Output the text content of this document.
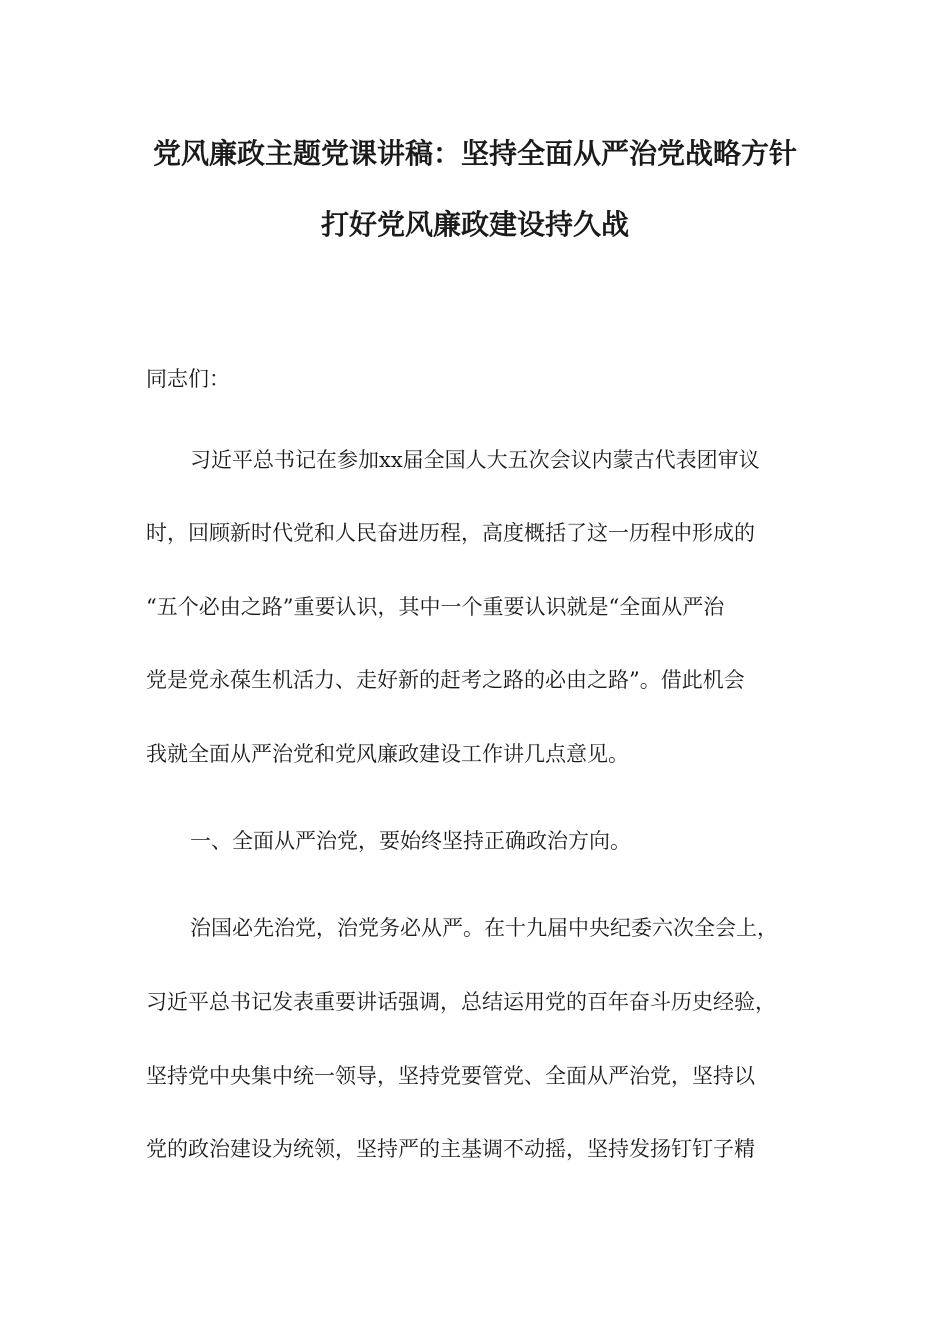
党风廉政主题党课讲稿：坚持全面从严治党战略方针
打好党风廉政建设持久战
同志们：
习近平总书记在参加xx届全国人大五次会议内蒙古代表团审议
时，回顾新时代党和人民奋进历程，高度概括了这一历程中形成的
“五个必由之路”重要认识，其中一个重要认识就是“全面从严治
党是党永葆生机活力、走好新的赶考之路的必由之路”。借此机会
我就全面从严治党和党风廉政建设工作讲几点意见。
一、全面从严治党，要始终坚持正确政治方向。
治国必先治党，治党务必从严。在十九届中央纪委六次全会上，
习近平总书记发表重要讲话强调，总结运用党的百年奋斗历史经验，
坚持党中央集中统一领导，坚持党要管党、全面从严治党，坚持以
党的政治建设为统领，坚持严的主基调不动摇，坚持发扬钉钉子精
